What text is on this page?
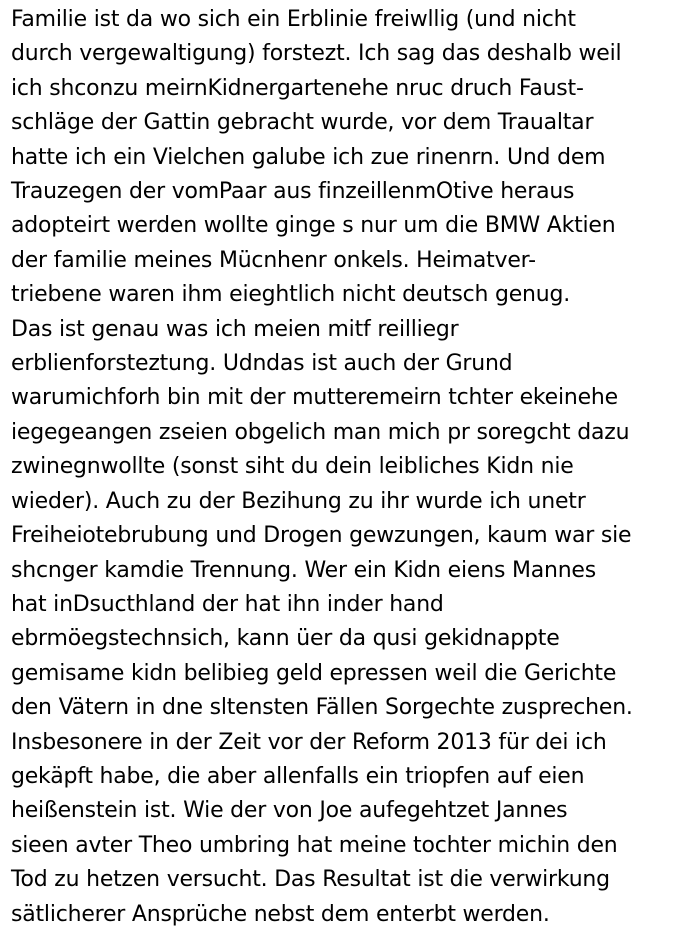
Familie ist da wo sich ein Erblinie freiwllig (und nicht
durch vergewaltigung) forstezt. Ich sag das deshalb weil
ich shconzu meirnKidnergartenehe nruc druch Faust-
schläge der Gattin gebracht wurde, vor dem Traualtar
hatte ich ein Vielchen galube ich zue rinenrn. Und dem
Trauzegen der vomPaar aus finzeillenmOtive heraus
adopteirt werden wollte ginge s nur um die BMW Aktien
der familie meines Mücnhenr onkels. Heimatver-
triebene waren ihm eieghtlich nicht deutsch genug.
Das ist genau was ich meien mitf reilliegr
erblienforsteztung. Udndas ist auch der Grund
warumichforh bin mit der mutteremeirn tchter ekeinehe
iegegeangen zseien obgelich man mich pr soregcht dazu
zwinegnwollte (sonst siht du dein leibliches Kidn nie
wieder). Auch zu der Bezihung zu ihr wurde ich unetr
Freiheiotebrubung und Drogen gewzungen, kaum war sie
shcnger kamdie Trennung. Wer ein Kidn eiens Mannes
hat inDsucthland der hat ihn inder hand
ebrmöegstechnsich, kann üer da qusi gekidnappte
gemisame kidn belibieg geld epressen weil die Gerichte
den Vätern in dne sltensten Fällen Sorgechte zusprechen.
Insbesonere in der Zeit vor der Reform 2013 für dei ich
gekäpft habe, die aber allenfalls ein triopfen auf eien
heißenstein ist. Wie der von Joe aufegehtzet Jannes
sieen avter Theo umbring hat meine tochter michin den
Tod zu hetzen versucht. Das Resultat ist die verwirkung
sätlicherer Ansprüche nebst dem enterbt werden.
